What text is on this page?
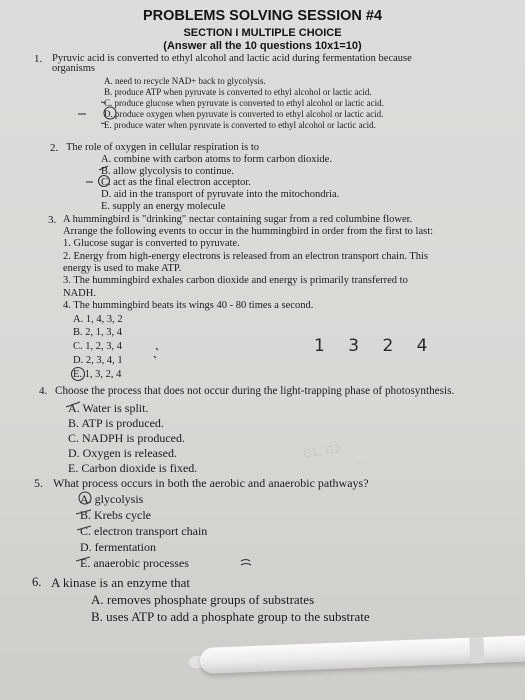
PROBLEMS SOLVING SESSION #4
SECTION I MULTIPLE CHOICE
(Answer all the 10 questions 10x1=10)
1. Pyruvic acid is converted to ethyl alcohol and lactic acid during fermentation because
organisms
A. need to recycle NAD+ back to glycolysis.
B. produce ATP when pyruvate is converted to ethyl alcohol or lactic acid.
C. produce glucose when pyruvate is converted to ethyl alcohol or lactic acid.
D. produce oxygen when pyruvate is converted to ethyl alcohol or lactic acid.
E. produce water when pyruvate is converted to ethyl alcohol or lactic acid.
2. The role of oxygen in cellular respiration is to
A. combine with carbon atoms to form carbon dioxide.
B. allow glycolysis to continue.
C. act as the final electron acceptor.
D. aid in the transport of pyruvate into the mitochondria.
E. supply an energy molecule
3. A hummingbird is "drinking" nectar containing sugar from a red columbine flower.
Arrange the following events to occur in the hummingbird in order from the first to last:
1. Glucose sugar is converted to pyruvate.
2. Energy from high-energy electrons is released from an electron transport chain. This
energy is used to make ATP.
3. The hummingbird exhales carbon dioxide and energy is primarily transferred to
NADH.
4. The hummingbird beats its wings 40 - 80 times a second.
A. 1, 4, 3, 2
B. 2, 1, 3, 4
C. 1, 2, 3, 4
D. 2, 3, 4, 1
E. 1, 3, 2, 4
1 3 2 4
4. Choose the process that does not occur during the light-trapping phase of photosynthesis.
A. Water is split.
B. ATP is produced.
C. NADPH is produced.
D. Oxygen is released.
E. Carbon dioxide is fixed.
5. What process occurs in both the aerobic and anaerobic pathways?
A. glycolysis
B. Krebs cycle
C. electron transport chain
D. fermentation
E. anaerobic processes
6. A kinase is an enzyme that
A. removes phosphate groups of substrates
B. uses ATP to add a phosphate group to the substrate
G1, G2
~
